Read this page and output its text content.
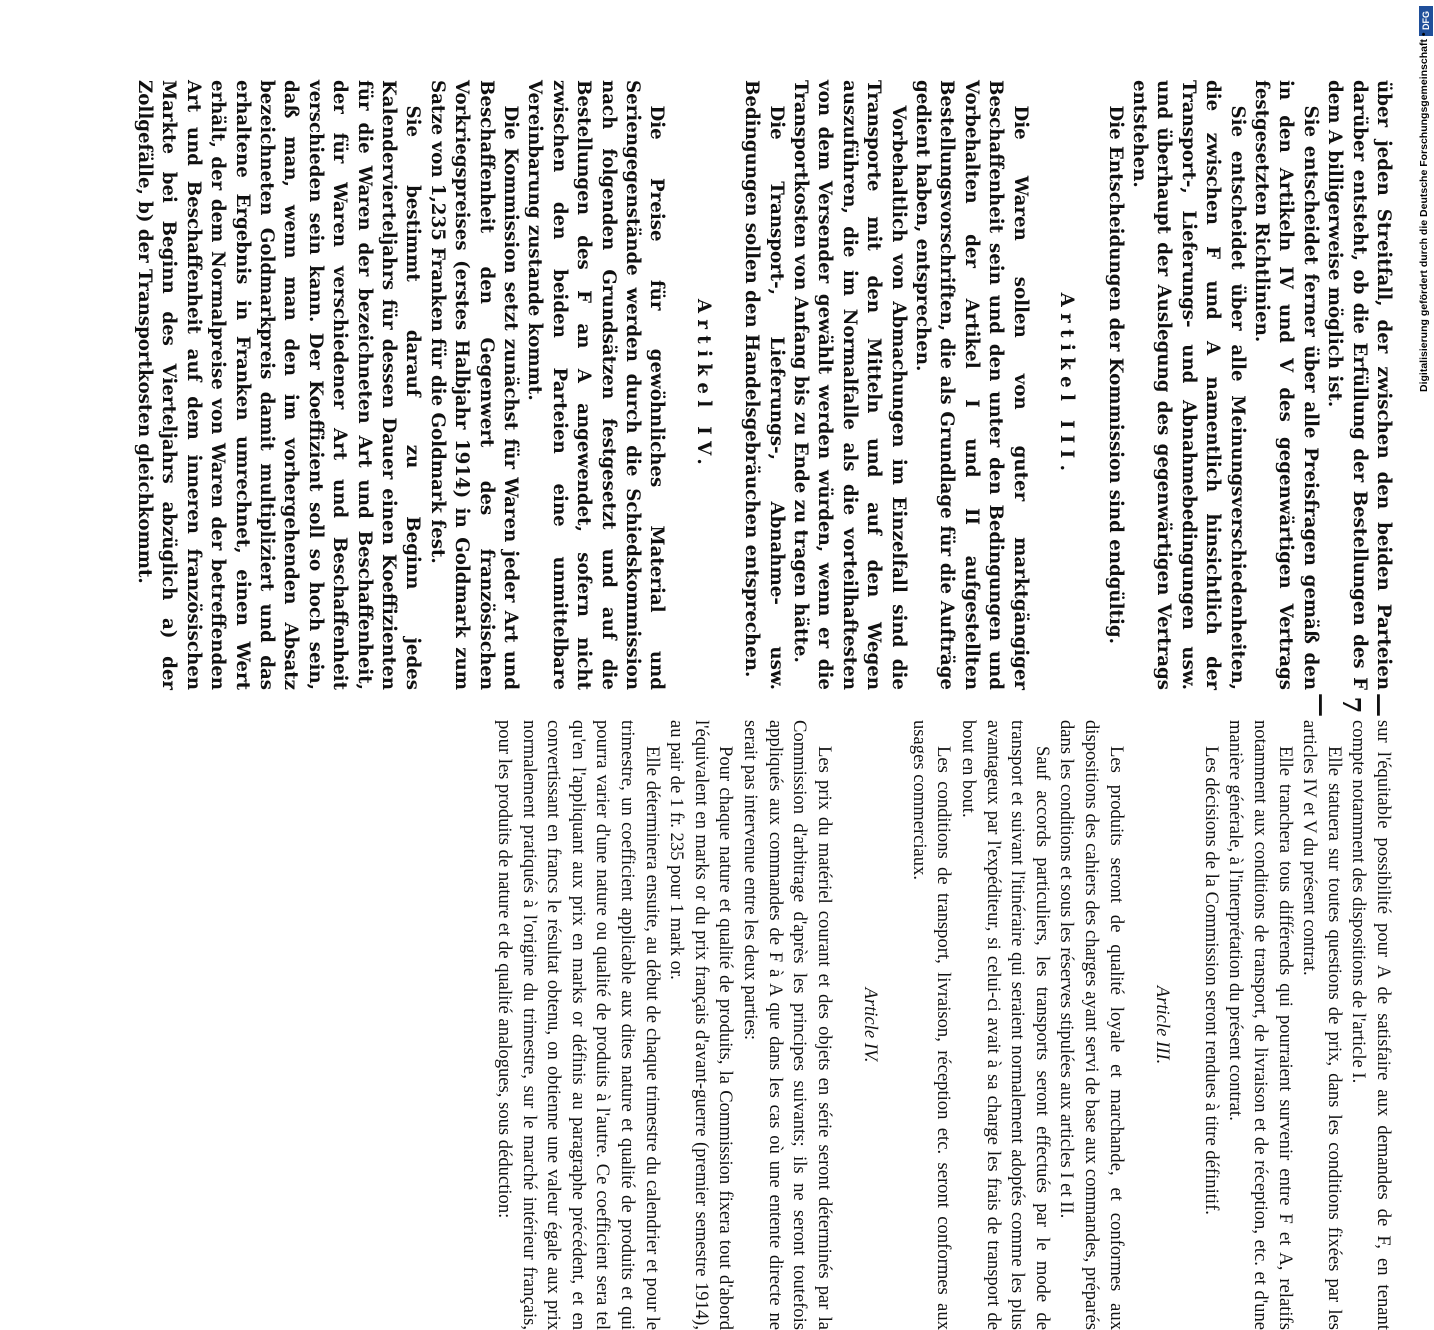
über jeden Streitfall, der zwischen den beiden Parteien darüber entsteht, ob die Erfüllung der Bestellungen des F dem A billigerweise möglich ist.

Sie entscheidet ferner über alle Preisfragen gemäß den in den Artikeln IV und V des gegenwärtigen Vertrags festgesetzten Richtlinien.

Sie entscheidet über alle Meinungsverschiedenheiten, die zwischen F und A namentlich hinsichtlich der Transport-, Lieferungs- und Abnahmebedingungen usw. und überhaupt der Auslegung des gegenwärtigen Vertrags entstehen.

Die Entscheidungen der Kommission sind endgültig.

Artikel III.

Die Waren sollen von guter marktgängiger Beschaffenheit sein und den unter den Bedingungen und Vorbehalten der Artikel I und II aufgestellten Bestellungsvorschriften, die als Grundlage für die Aufträge gedient haben, entsprechen.

Vorbehaltlich von Abmachungen im Einzelfall sind die Transporte mit den Mitteln und auf den Wegen auszuführen, die im Normalfalle als die vorteilhaftesten von dem Versender gewählt werden würden, wenn er die Transportkosten von Anfang bis zu Ende zu tragen hätte.

Die Transport-, Lieferungs-, Abnahme- usw. Bedingungen sollen den Handelsgebräuchen entsprechen.

Artikel IV.

Die Preise für gewöhnliches Material und Seriengegenstände werden durch die Schiedskommission nach folgenden Grundsätzen festgesetzt und auf die Bestellungen des F an A angewendet, sofern nicht zwischen den beiden Parteien eine unmittelbare Vereinbarung zustande kommt.

Die Kommission setzt zunächst für Waren jeder Art und Beschaffenheit den Gegenwert des französischen Vorkriegspreises (erstes Halbjahr 1914) in Goldmark zum Satze von 1,235 Franken für die Goldmark fest.

Sie bestimmt darauf zu Beginn jedes Kalendervierteljahrs für dessen Dauer einen Koeffizienten für die Waren der bezeichneten Art und Beschaffenheit, der für Waren verschiedener Art und Beschaffenheit verschieden sein kann. Der Koeffizient soll so hoch sein, daß man, wenn man den im vorhergehenden Absatz bezeichneten Goldmarkpreis damit multipliziert und das erhaltene Ergebnis in Franken umrechnet, einen Wert erhält, der dem Normalpreise von Waren der betreffenden Art und Beschaffenheit auf dem inneren französischen Markte bei Beginn des Vierteljahrs abzüglich a) der Zollgefälle, b) der Transportkosten gleichkommt.

— 7 —

sur l'équitable possibilité pour A de satisfaire aux demandes de F, en tenant compte notamment des dispositions de l'article I.

Elle statuera sur toutes questions de prix, dans les conditions fixées par les articles IV et V du présent contrat.

Elle tranchera tous différends qui pourraient survenir entre F et A, relatifs notamment aux conditions de transport, de livraison et de réception, etc. et d'une manière générale, à l'interprétation du présent contrat.

Les décisions de la Commission seront rendues à titre définitif.

Article III.

Les produits seront de qualité loyale et marchande, et conformes aux dispositions des cahiers des charges ayant servi de base aux commandes, préparés dans les conditions et sous les réserves stipulées aux articles I et II.

Sauf accords particuliers, les transports seront effectués par le mode de transport et suivant l'itinéraire qui seraient normalement adoptés comme les plus avantageux par l'expéditeur, si celui-ci avait à sa charge les frais de transport de bout en bout.

Les conditions de transport, livraison, réception etc. seront conformes aux usages commerciaux.

Article IV.

Les prix du matériel courant et des objets en série seront déterminés par la Commission d'arbitrage d'après les principes suivants; ils ne seront toutefois appliqués aux commandes de F à A que dans les cas où une entente directe ne serait pas intervenue entre les deux parties:

Pour chaque nature et qualité de produits, la Commission fixera tout d'abord l'équivalent en marks or du prix français d'avant-guerre (premier semestre 1914), au pair de 1 fr. 235 pour 1 mark or.

Elle déterminera ensuite, au début de chaque trimestre du calendrier et pour le trimestre, un coefficient applicable aux dites nature et qualité de produits et qui pourra varier d'une nature ou qualité de produits à l'autre. Ce coefficient sera tel qu'en l'appliquant aux prix en marks or définis au paragraphe précédent, et en convertissant en francs le résultat obtenu, on obtienne une valeur égale aux prix normalement pratiqués à l'origine du trimestre, sur le marché intérieur français, pour les produits de nature et de qualité analogues, sous déduction:

DFG
Digitalisierung gefördert durch die Deutsche Forschungsgemeinschaft •
